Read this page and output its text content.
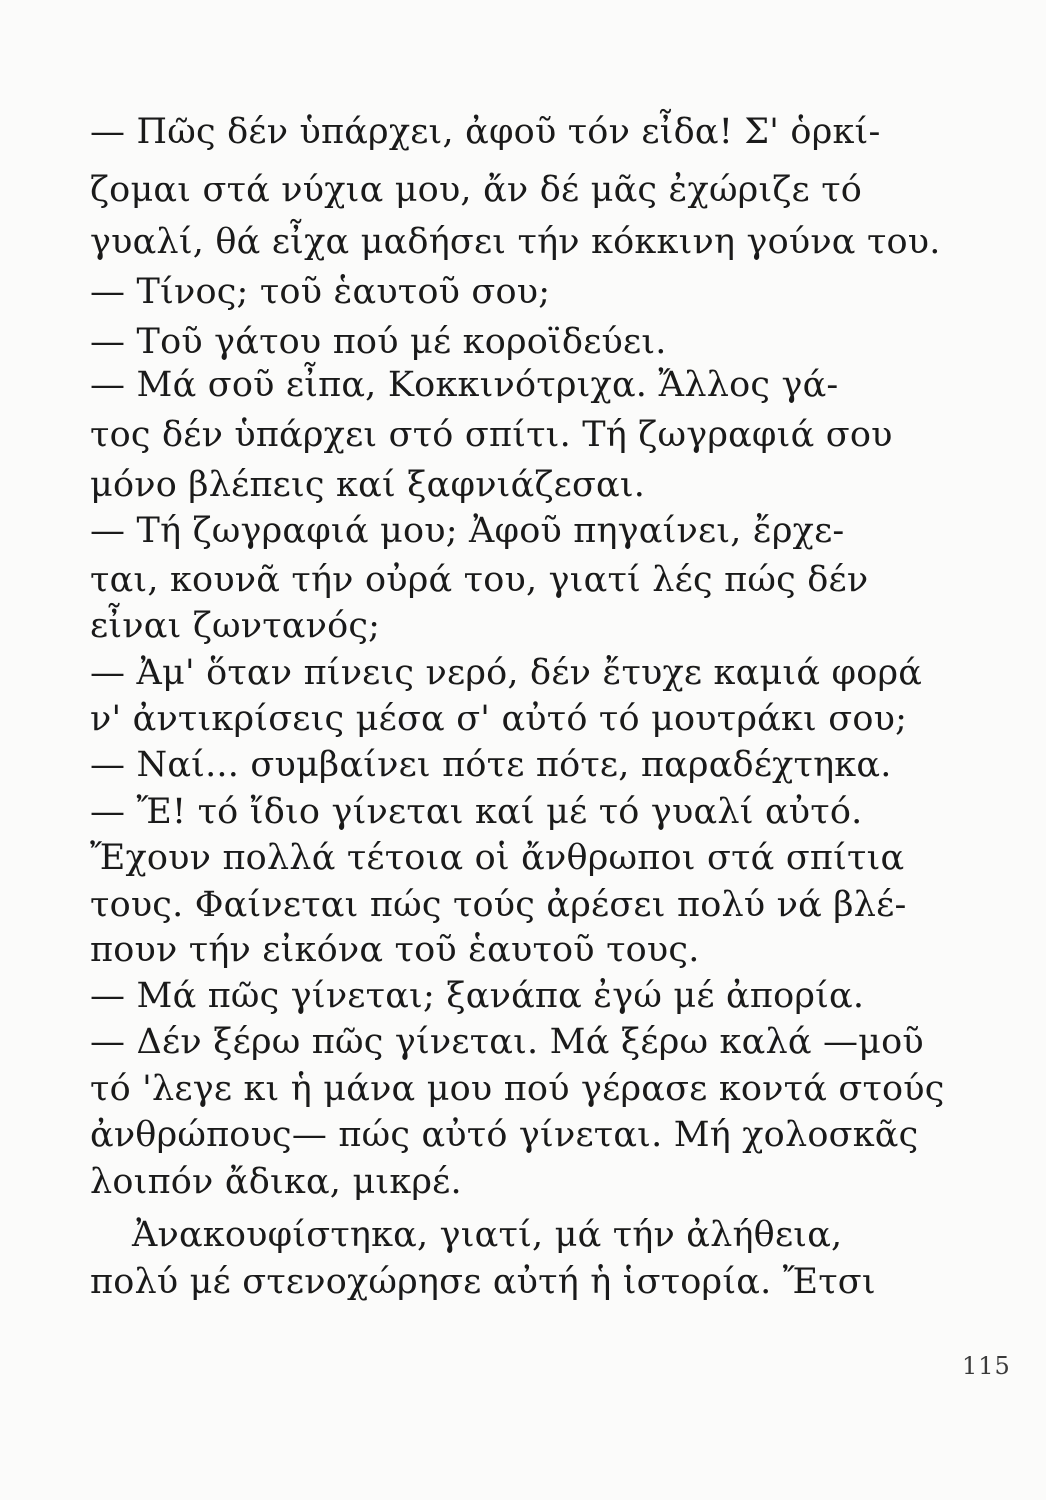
— Πῶς δέν ὑπάρχει, ἀφοῦ τόν εἶδα! Σ' ὁρκί-
ζομαι στά νύχια μου, ἄν δέ μᾶς ἐχώριζε τό
γυαλί, θά εἶχα μαδήσει τήν κόκκινη γούνα του.
— Τίνος; τοῦ ἑαυτοῦ σου;
— Τοῦ γάτου πού μέ κοροϊδεύει.
— Μά σοῦ εἶπα, Κοκκινότριχα. Ἄλλος γά-
τος δέν ὑπάρχει στό σπίτι. Τή ζωγραφιά σου
μόνο βλέπεις καί ξαφνιάζεσαι.
— Τή ζωγραφιά μου; Ἀφοῦ πηγαίνει, ἔρχε-
ται, κουνᾶ τήν οὐρά του, γιατί λές πώς δέν
εἶναι ζωντανός;
— Ἀμ' ὅταν πίνεις νερό, δέν ἔτυχε καμιά φορά
ν' ἀντικρίσεις μέσα σ' αὐτό τό μουτράκι σου;
— Ναί... συμβαίνει πότε πότε, παραδέχτηκα.
— Ἔ! τό ἴδιο γίνεται καί μέ τό γυαλί αὐτό.
Ἔχουν πολλά τέτοια οἱ ἄνθρωποι στά σπίτια
τους. Φαίνεται πώς τούς ἀρέσει πολύ νά βλέ-
πουν τήν εἰκόνα τοῦ ἑαυτοῦ τους.
— Μά πῶς γίνεται; ξανάπα ἐγώ μέ ἀπορία.
— Δέν ξέρω πῶς γίνεται. Μά ξέρω καλά —μοῦ
τό 'λεγε κι ἡ μάνα μου πού γέρασε κοντά στούς
ἀνθρώπους— πώς αὐτό γίνεται. Μή χολοσκᾶς
λοιπόν ἄδικα, μικρέ.
Ἀνακουφίστηκα, γιατί, μά τήν ἀλήθεια,
πολύ μέ στενοχώρησε αὐτή ἡ ἱστορία. Ἔτσι
115
